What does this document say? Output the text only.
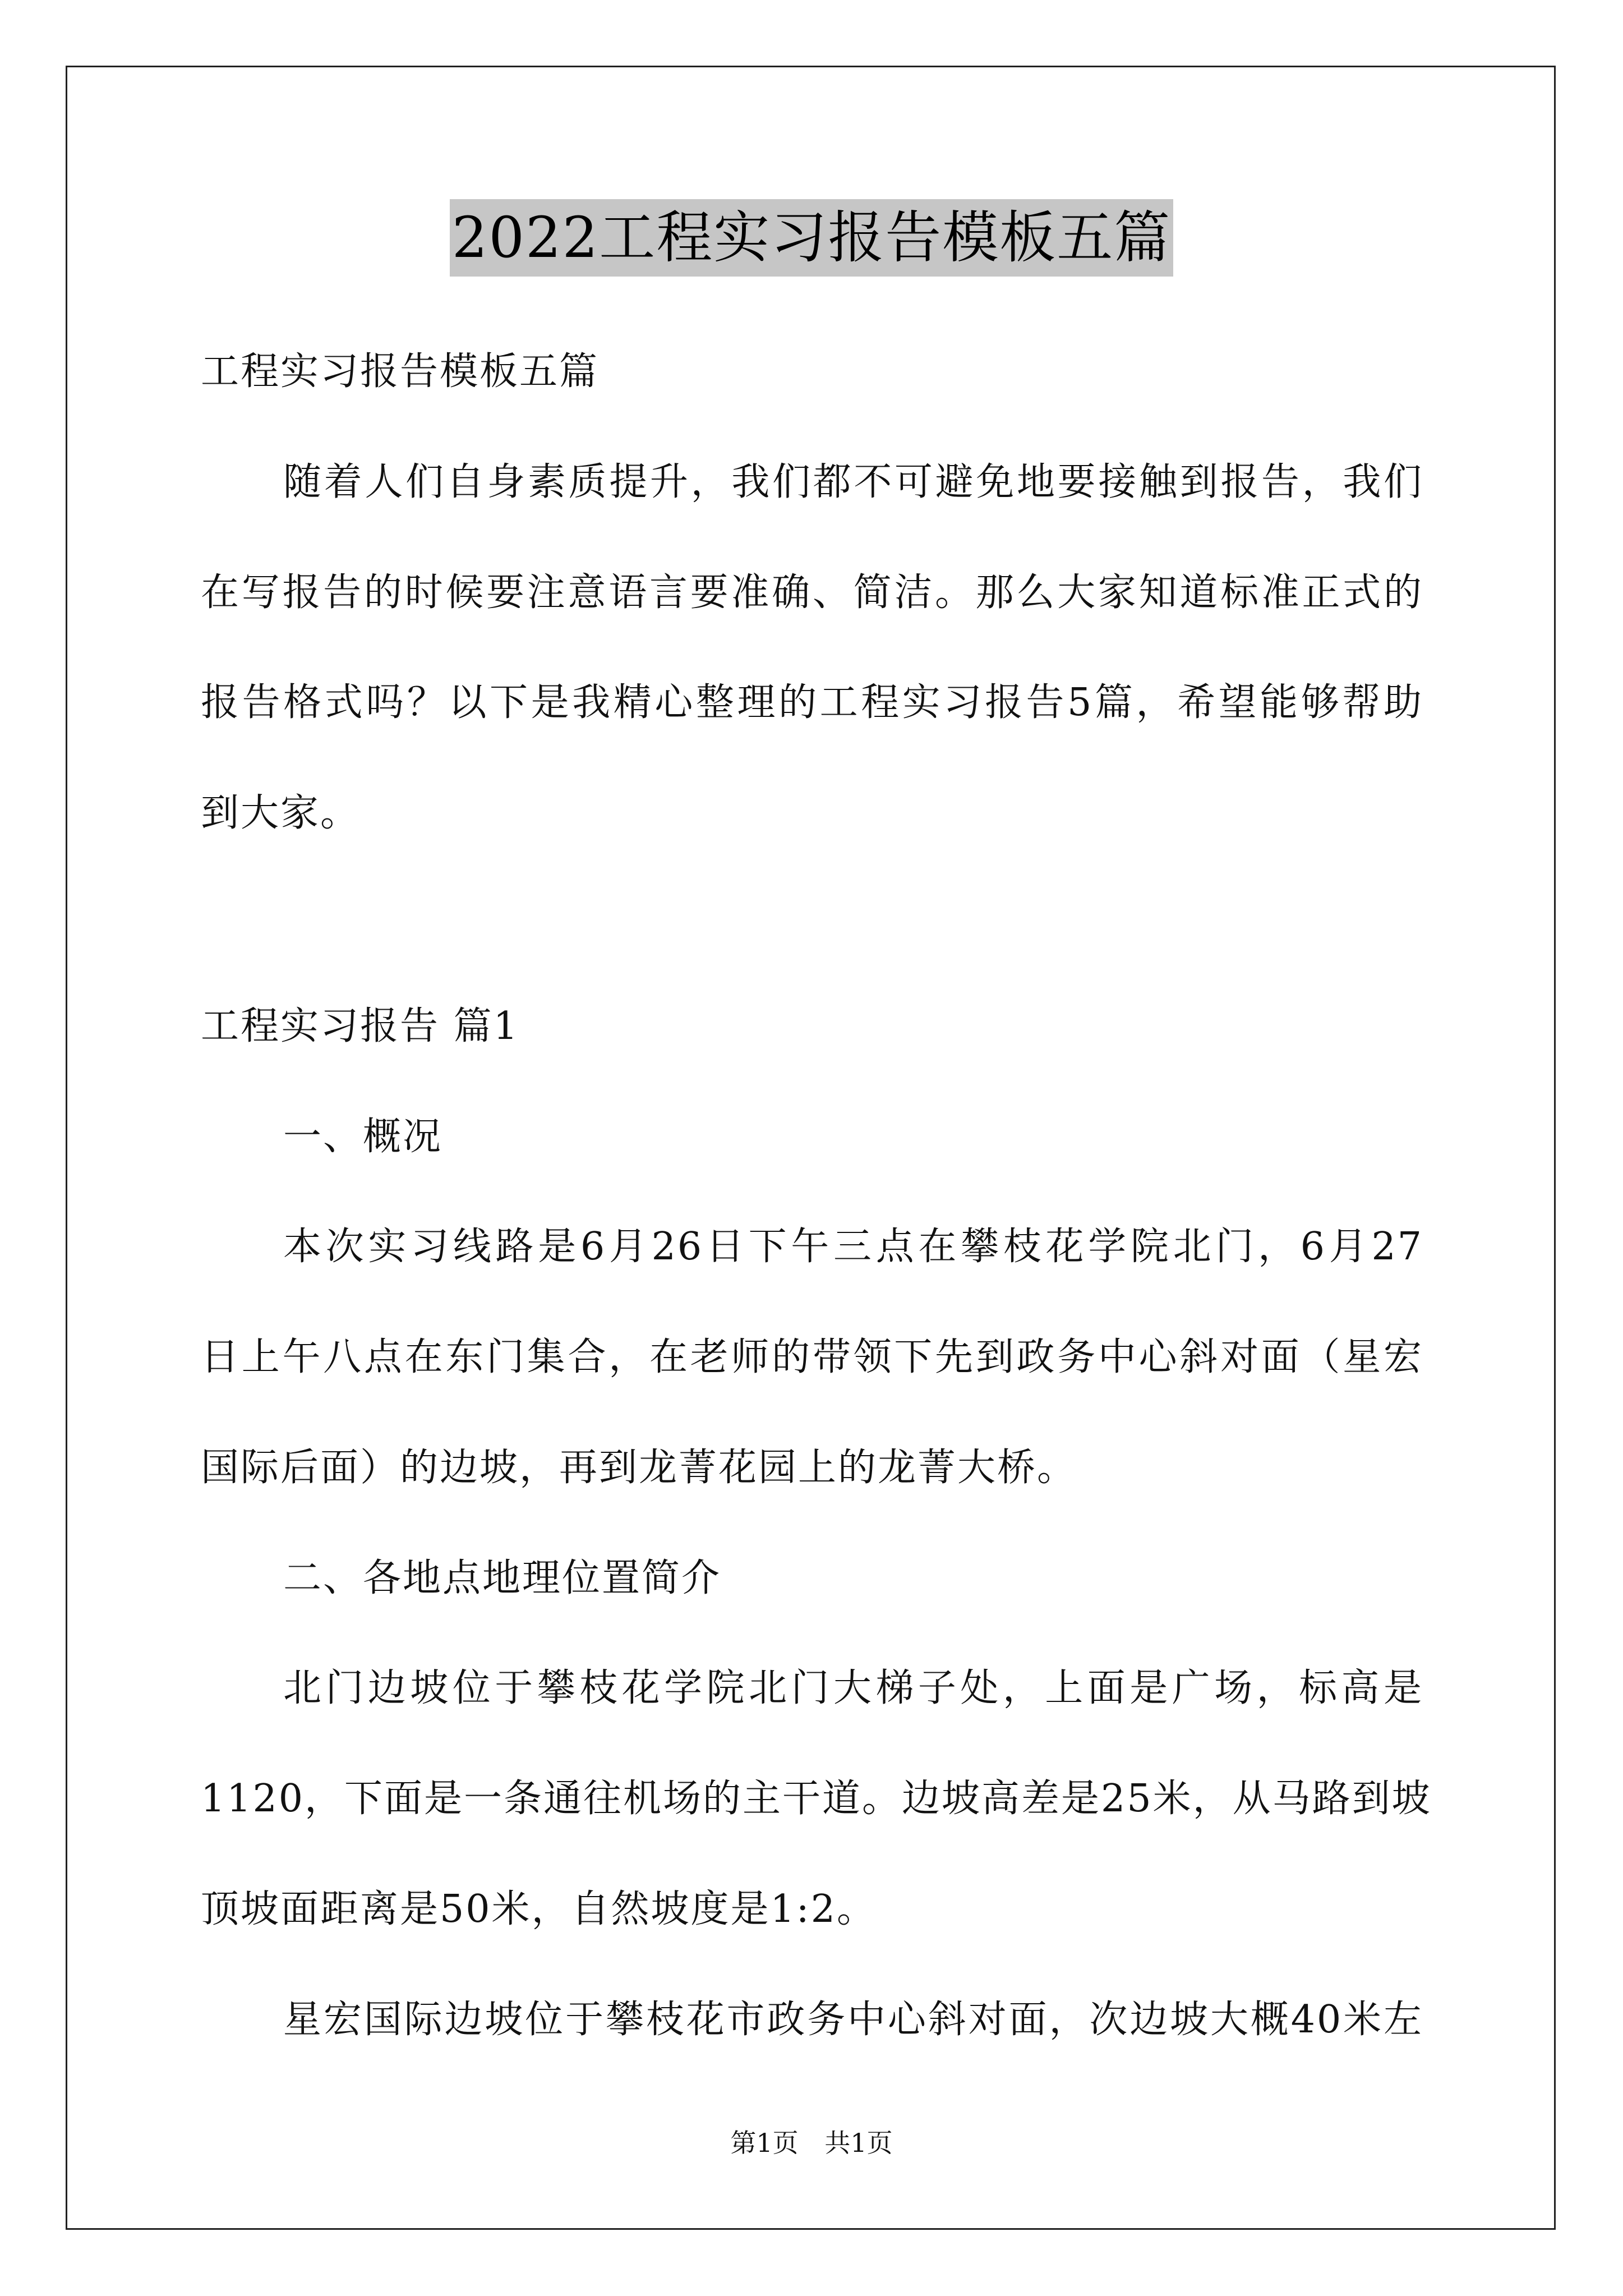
2022工程实习报告模板五篇
工程实习报告模板五篇
随着人们自身素质提升，我们都不可避免地要接触到报告，我们
在写报告的时候要注意语言要准确、简洁。那么大家知道标准正式的
报告格式吗？以下是我精心整理的工程实习报告5篇，希望能够帮助
到大家。
工程实习报告 篇1
一、概况
本次实习线路是6月26日下午三点在攀枝花学院北门，6月27
日上午八点在东门集合，在老师的带领下先到政务中心斜对面（星宏
国际后面）的边坡，再到龙菁花园上的龙菁大桥。
二、各地点地理位置简介
北门边坡位于攀枝花学院北门大梯子处，上面是广场，标高是
1120，下面是一条通往机场的主干道。边坡高差是25米，从马路到坡
顶坡面距离是50米，自然坡度是1:2。
星宏国际边坡位于攀枝花市政务中心斜对面，次边坡大概40米左
第1页 共1页
